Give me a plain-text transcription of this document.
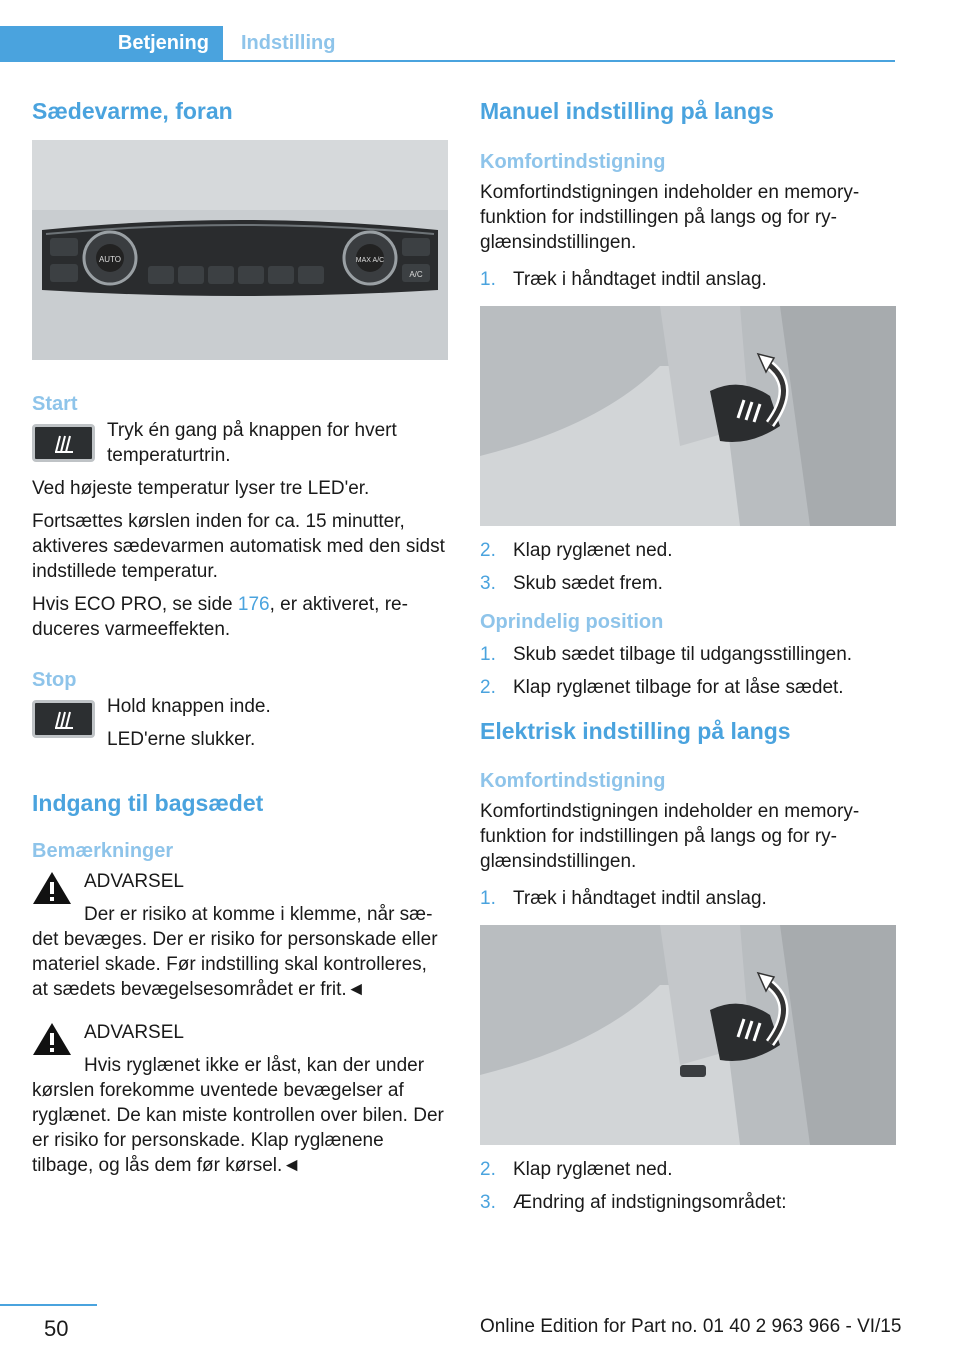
Betjening Indstilling
Sædevarme, foran
AUTO	MAX A/C
A/C
Start

Tryk én gang på knappen for hvert temperaturtrin.

Ved højeste temperatur lyser tre LED'er.

Fortsættes kørslen inden for ca. 15 minutter, aktiveres sædevarmen automatisk med den sidst indstillede temperatur.

Hvis ECO PRO, se side 176, er aktiveret, reduceres varmeeffekten.

Stop

Hold knappen inde.

LED'erne slukker.

Indgang til bagsædet
Bemærkninger

ADVARSEL

Der er risiko at komme i klemme, når sædet bevæges. Der er risiko for personskade eller materiel skade. Før indstilling skal kontrolleres, at sædets bevægelsesområdet er frit.◄

ADVARSEL

Hvis ryglænet ikke er låst, kan der under kørslen forekomme uventede bevægelser af ryglænet. De kan miste kontrollen over bilen. Der er risiko for personskade. Klap ryglænene tilbage, og lås dem før kørsel.◄

Manuel indstilling på langs
Komfortindstigning

Komfortindstigningen indeholder en memoryfunktion for indstillingen på langs og for ryglænsindstillingen.

1. Træk i håndtaget indtil anslag.
2. Klap ryglænet ned.
3. Skub sædet frem.
Oprindelig position
1. Skub sædet tilbage til udgangsstillingen.
2. Klap ryglænet tilbage for at låse sædet.
Elektrisk indstilling på langs
Komfortindstigning

Komfortindstigningen indeholder en memoryfunktion for indstillingen på langs og for ryglænsindstillingen.

1. Træk i håndtaget indtil anslag.
2. Klap ryglænet ned.
3. Ændring af indstigningsområdet:
50	Online Edition for Part no. 01 40 2 963 966 - VI/15
